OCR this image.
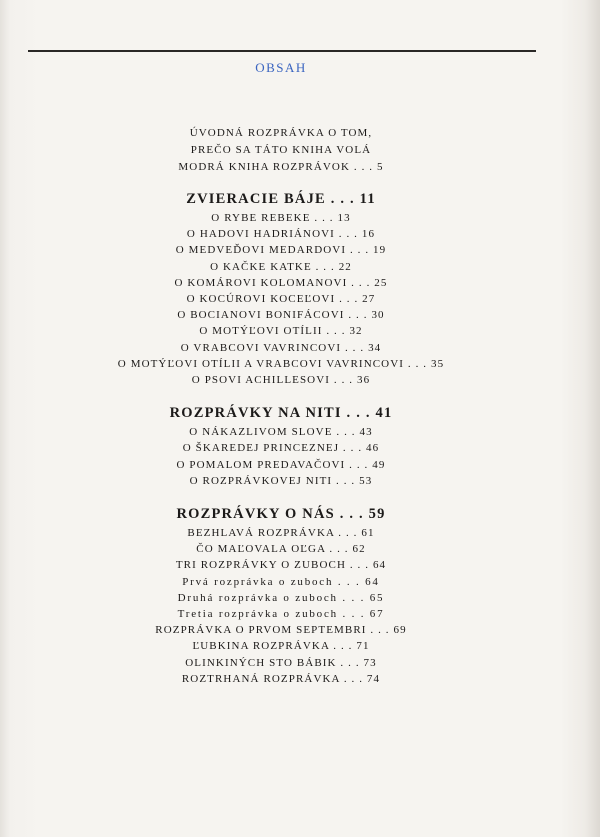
OBSAH
ÚVODNÁ ROZPRÁVKA O TOM,
PREČO SA TÁTO KNIHA VOLÁ
MODRÁ KNIHA ROZPRÁVOK . . . 5
ZVIERACIE BÁJE . . . 11
O RYBE REBEKE . . . 13
O HADOVI HADRIÁNOVI . . . 16
O MEDVEĎOVI MEDARDOVI . . . 19
O KAČKE KATKE . . . 22
O KOMÁROVI KOLOMANOVI . . . 25
O KOCÚROVI KOCEĽOVI . . . 27
O BOCIANOVI BONIFÁCOVI . . . 30
O MOTÝĽOVI OTÍLII . . . 32
O VRABCOVI VAVRINCOVI . . . 34
O MOTÝĽOVI OTÍLII A VRABCOVI VAVRINCOVI . . . 35
O PSOVI ACHILLESOVI . . . 36
ROZPRÁVKY NA NITI . . . 41
O NÁKAZLIVOM SLOVE . . . 43
O ŠKAREDEJ PRINCEZNEJ . . . 46
O POMALOM PREDAVAČOVI . . . 49
O ROZPRÁVKOVEJ NITI . . . 53
ROZPRÁVKY O NÁS . . . 59
BEZHLAVÁ ROZPRÁVKA . . . 61
ČO MAĽOVALA OĽGA . . . 62
TRI ROZPRÁVKY O ZUBOCH . . . 64
Prvá rozprávka o zuboch . . . 64
Druhá rozprávka o zuboch . . . 65
Tretia rozprávka o zuboch . . . 67
ROZPRÁVKA O PRVOM SEPTEMBRI . . . 69
ĽUBKINA ROZPRÁVKA . . . 71
OLINKINÝCH STO BÁBIK . . . 73
ROZTRHANÁ ROZPRÁVKA . . . 74
